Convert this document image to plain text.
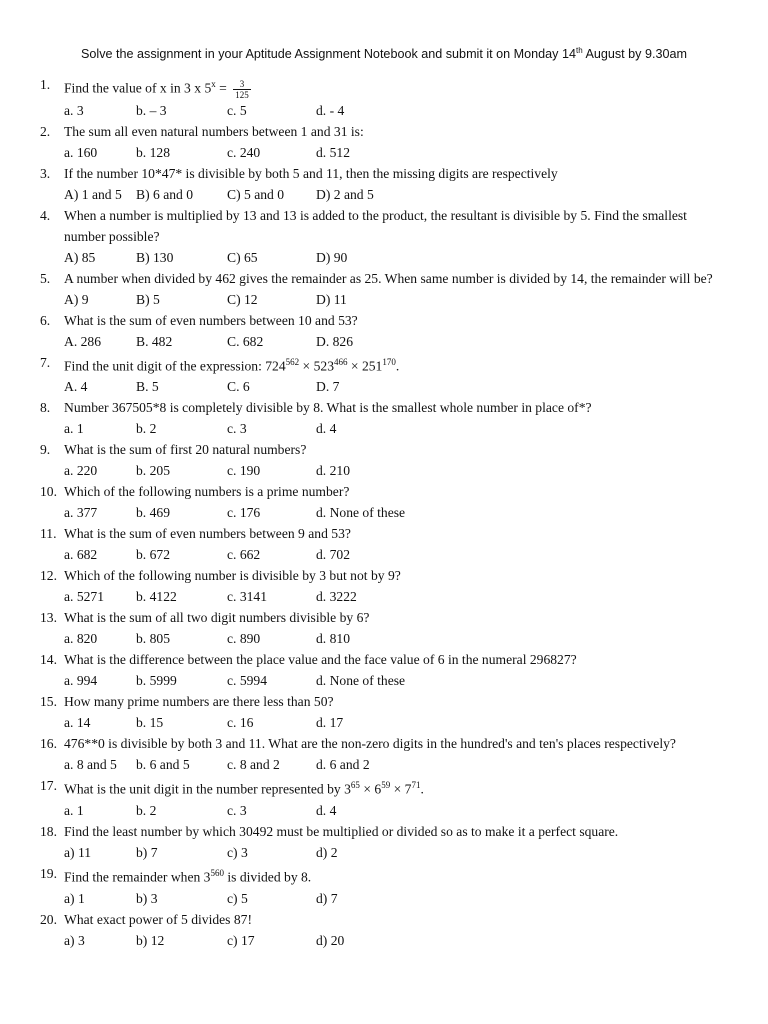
Solve the assignment in your Aptitude Assignment Notebook and submit it on Monday 14th August by 9.30am
1. Find the value of x in 3 x $5^x = \frac{3}{125}$
a. 3	b. – 3	c. 5	d. - 4
2. The sum all even natural numbers between 1 and 31 is:
a. 160	b. 128	c. 240	d. 512
3. If the number 10*47* is divisible by both 5 and 11, then the missing digits are respectively
A) 1 and 5 B) 6 and 0 C) 5 and 0 D) 2 and 5
4. When a number is multiplied by 13 and 13 is added to the product, the resultant is divisible by 5. Find the smallest number possible?
A) 85	B) 130	C) 65	D) 90
5. A number when divided by 462 gives the remainder as 25. When same number is divided by 14, the remainder will be?
A) 9	B) 5	C) 12	D) 11
6. What is the sum of even numbers between 10 and 53?
A. 286	B. 482	C. 682	D. 826
7. Find the unit digit of the expression: $724^{562} \times 523^{466} \times 251^{170}$.
A. 4	B. 5	C. 6	D. 7
8. Number 367505*8 is completely divisible by 8. What is the smallest whole number in place of*?
a. 1	b. 2	c. 3	d. 4
9. What is the sum of first 20 natural numbers?
a. 220	b. 205	c. 190	d. 210
10. Which of the following numbers is a prime number?
a. 377	b. 469	c. 176	d. None of these
11. What is the sum of even numbers between 9 and 53?
a. 682	b. 672	c. 662	d. 702
12. Which of the following number is divisible by 3 but not by 9?
a. 5271 b. 4122	c. 3141	d. 3222
13. What is the sum of all two digit numbers divisible by 6?
a. 820	b. 805	c. 890	d. 810
14. What is the difference between the place value and the face value of 6 in the numeral 296827?
a. 994	b. 5999	c. 5994	d. None of these
15. How many prime numbers are there less than 50?
a. 14	b. 15	c. 16	d. 17
16. 476**0 is divisible by both 3 and 11. What are the non-zero digits in the hundred's and ten's places respectively?
a. 8 and 5 b. 6 and 5	c. 8 and 2	d. 6 and 2
17. What is the unit digit in the number represented by $3^{65} \times 6^{59} \times 7^{71}$.
a. 1	b. 2	c. 3	d. 4
18. Find the least number by which 30492 must be multiplied or divided so as to make it a perfect square.
a) 11	b) 7	c) 3	d) 2
19. Find the remainder when $3^{560}$ is divided by 8.
a) 1	b) 3	c) 5	d) 7
20. What exact power of 5 divides 87!
a) 3	b) 12	c) 17	d) 20
